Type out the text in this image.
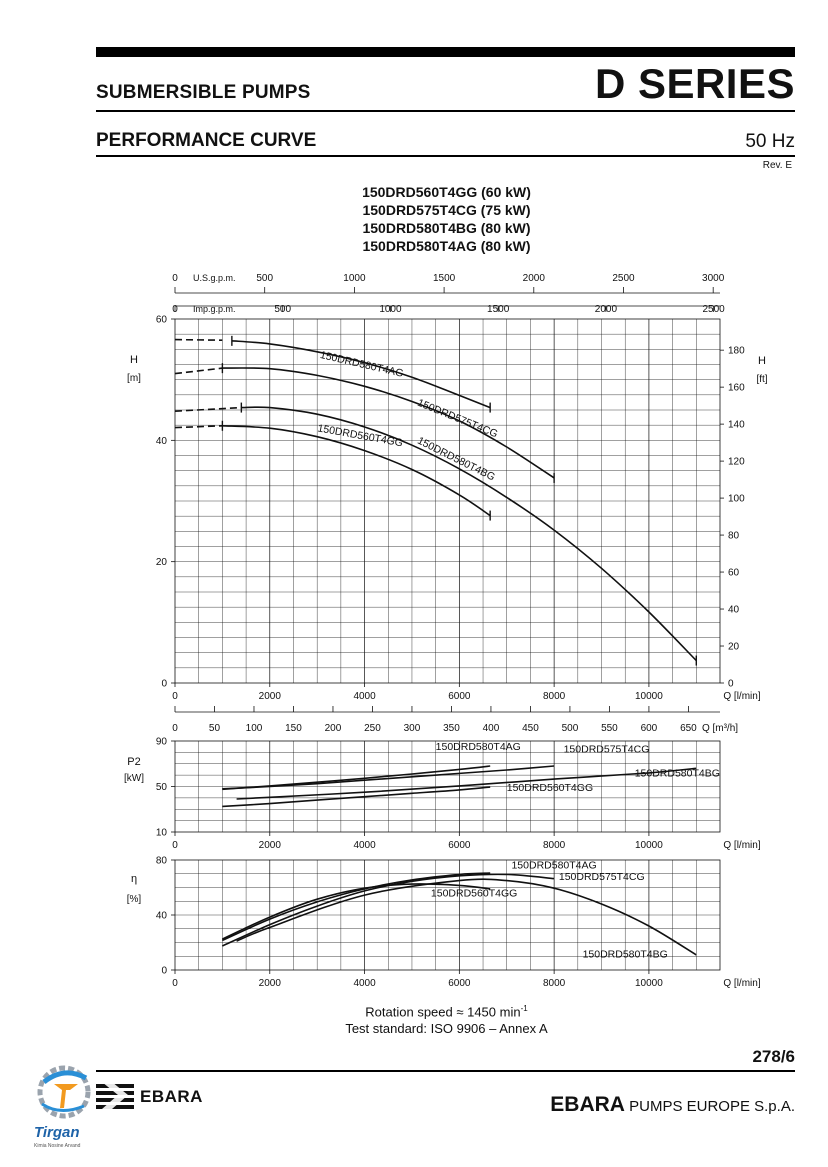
SUBMERSIBLE PUMPS	D SERIES
PERFORMANCE CURVE	50 Hz
Rev. E
150DRD560T4GG (60 kW)
150DRD575T4CG (75 kW)
150DRD580T4BG (80 kW)
150DRD580T4AG (80 kW)
0
20
40
60
0	2000	4000	6000	8000	10000	Q [l/min]
H
[m]
0
20
40
60
80
100
120
140
160
180
H
[ft]
0	500	1000	1500	2000	2500	3000
U.S.g.p.m.
0	500	1000	1500	2000	2500
Imp.g.p.m.
0	50	100 150 200 250 300 350 400 450 500 550 600 650 Q [m³/h]
150DRD580T4AG
150DRD575T4CG
150DRD580T4BG
150DRD560T4GG
10
50
90
0	2000	4000	6000	8000	10000	Q [l/min]
P2
[kW]
150DRD580T4AG	150DRD575T4CG
150DRD580T4BG
150DRD560T4GG
0
40
80
0	2000	4000	6000	8000	10000	Q [l/min]
η
[%]
150DRD580T4AG
150DRD575T4CG
150DRD580T4BG
150DRD560T4GG
Rotation speed ≈ 1450 $\min^{-1}$
Test standard: ISO 9906 – Annex A
278/6
EBARA	EBARA PUMPS EUROPE S.p.A.
Tirgan
Kimia Nosine Arvand
